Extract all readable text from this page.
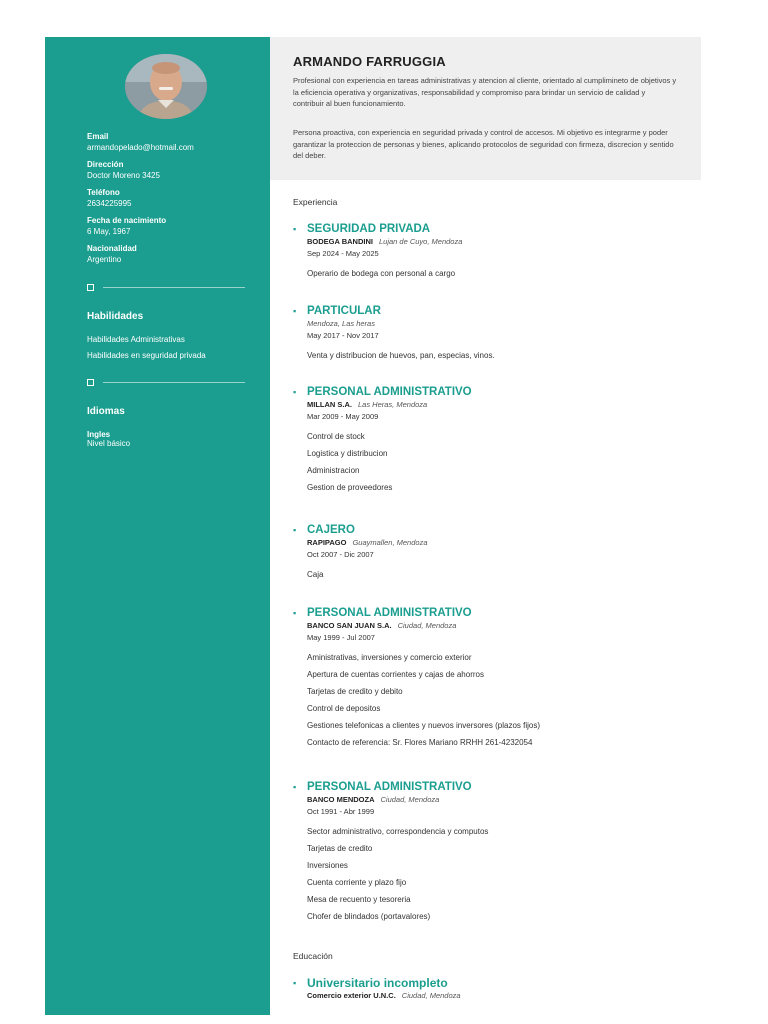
Email
armandopelado@hotmail.com
Dirección
Doctor Moreno 3425
Teléfono
2634225995
Fecha de nacimiento
6 May, 1967
Nacionalidad
Argentino
Habilidades
Habilidades Administrativas
Habilidades en seguridad privada
Idiomas
Ingles
Nivel básico
ARMANDO FARRUGGIA
Profesional con experiencia en tareas administrativas y atencion al cliente, orientado al cumplimineto de objetivos y la eficiencia operativa y organizativas, responsabilidad y compromiso para brindar un servicio de calidad y contribuir al buen funcionamiento.
Persona proactiva, con experiencia en seguridad privada y control de accesos. Mi objetivo es integrarme y poder garantizar la proteccion de personas y bienes, aplicando protocolos de seguridad con firmeza, discrecion y sentido del deber.
Experiencia
▪ SEGURIDAD PRIVADA
BODEGA BANDINI Lujan de Cuyo, Mendoza
Sep 2024 - May 2025
Operario de bodega con personal a cargo
▪ PARTICULAR
Mendoza, Las heras
May 2017 - Nov 2017
Venta y distribucion de huevos, pan, especias, vinos.
▪ PERSONAL ADMINISTRATIVO
MILLAN S.A. Las Heras, Mendoza
Mar 2009 - May 2009
Control de stock
Logistica y distribucion
Administracion
Gestion de proveedores
▪ CAJERO
RAPIPAGO Guaymallen, Mendoza
Oct 2007 - Dic 2007
Caja
▪ PERSONAL ADMINISTRATIVO
BANCO SAN JUAN S.A. Ciudad, Mendoza
May 1999 - Jul 2007
Aministrativas, inversiones y comercio exterior
Apertura de cuentas corrientes y cajas de ahorros
Tarjetas de credito y debito
Control de depositos
Gestiones telefonicas a clientes y nuevos inversores (plazos fijos)
Contacto de referencia: Sr. Flores Mariano RRHH 261-4232054
▪ PERSONAL ADMINISTRATIVO
BANCO MENDOZA Ciudad, Mendoza
Oct 1991 - Abr 1999
Sector administrativo, correspondencia y computos
Tarjetas de credito
Inversiones
Cuenta corriente y plazo fijo
Mesa de recuento y tesoreria
Chofer de blindados (portavalores)
Educación
▪ Universitario incompleto
Comercio exterior U.N.C. Ciudad, Mendoza
